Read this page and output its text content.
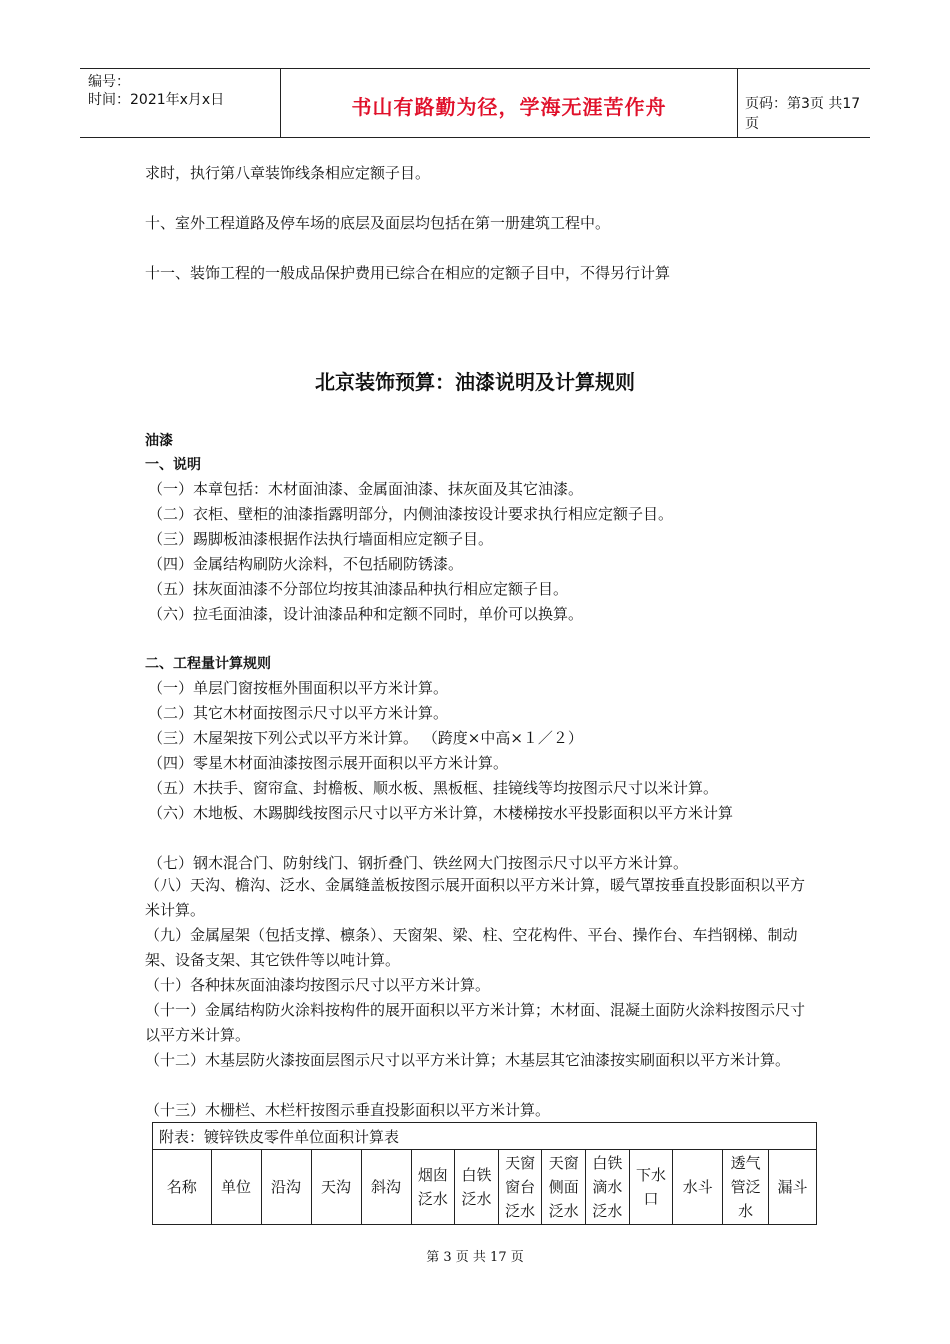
编号：
时间：2021年x月x日	书山有路勤为径，学海无涯苦作舟	页码：第3页 共17页
求时，执行第八章装饰线条相应定额子目。
十、室外工程道路及停车场的底层及面层均包括在第一册建筑工程中。
十一、装饰工程的一般成品保护费用已综合在相应的定额子目中，不得另行计算
北京装饰预算：油漆说明及计算规则
油漆
一、说明
（一）本章包括：木材面油漆、金属面油漆、抹灰面及其它油漆。
（二）衣柜、壁柜的油漆指露明部分，内侧油漆按设计要求执行相应定额子目。
（三）踢脚板油漆根据作法执行墙面相应定额子目。
（四）金属结构刷防火涂料，不包括刷防锈漆。
（五）抹灰面油漆不分部位均按其油漆品种执行相应定额子目。
（六）拉毛面油漆，设计油漆品种和定额不同时，单价可以换算。
二、工程量计算规则
（一）单层门窗按框外围面积以平方米计算。
（二）其它木材面按图示尺寸以平方米计算。
（三）木屋架按下列公式以平方米计算。 （跨度×中高×１／２）
（四）零星木材面油漆按图示展开面积以平方米计算。
（五）木扶手、窗帘盒、封檐板、顺水板、黑板框、挂镜线等均按图示尺寸以米计算。
（六）木地板、木踢脚线按图示尺寸以平方米计算，木楼梯按水平投影面积以平方米计算
（七）钢木混合门、防射线门、钢折叠门、铁丝网大门按图示尺寸以平方米计算。
（八）天沟、檐沟、泛水、金属缝盖板按图示展开面积以平方米计算，暖气罩按垂直投影面积以平方米计算。
（九）金属屋架（包括支撑、檩条）、天窗架、梁、柱、空花构件、平台、操作台、车挡钢梯、制动架、设备支架、其它铁件等以吨计算。
（十）各种抹灰面油漆均按图示尺寸以平方米计算。
（十一）金属结构防火涂料按构件的展开面积以平方米计算；木材面、混凝土面防火涂料按图示尺寸以平方米计算。
（十二）木基层防火漆按面层图示尺寸以平方米计算；木基层其它油漆按实刷面积以平方米计算。
（十三）木栅栏、木栏杆按图示垂直投影面积以平方米计算。
附表：镀锌铁皮零件单位面积计算表
名称	单位	沿沟	天沟	斜沟	烟囱泛水	白铁泛水	天窗窗台泛水	天窗侧面泛水	白铁滴水泛水	下水口	水斗	透气管泛水	漏斗
第 3 页 共 17 页
